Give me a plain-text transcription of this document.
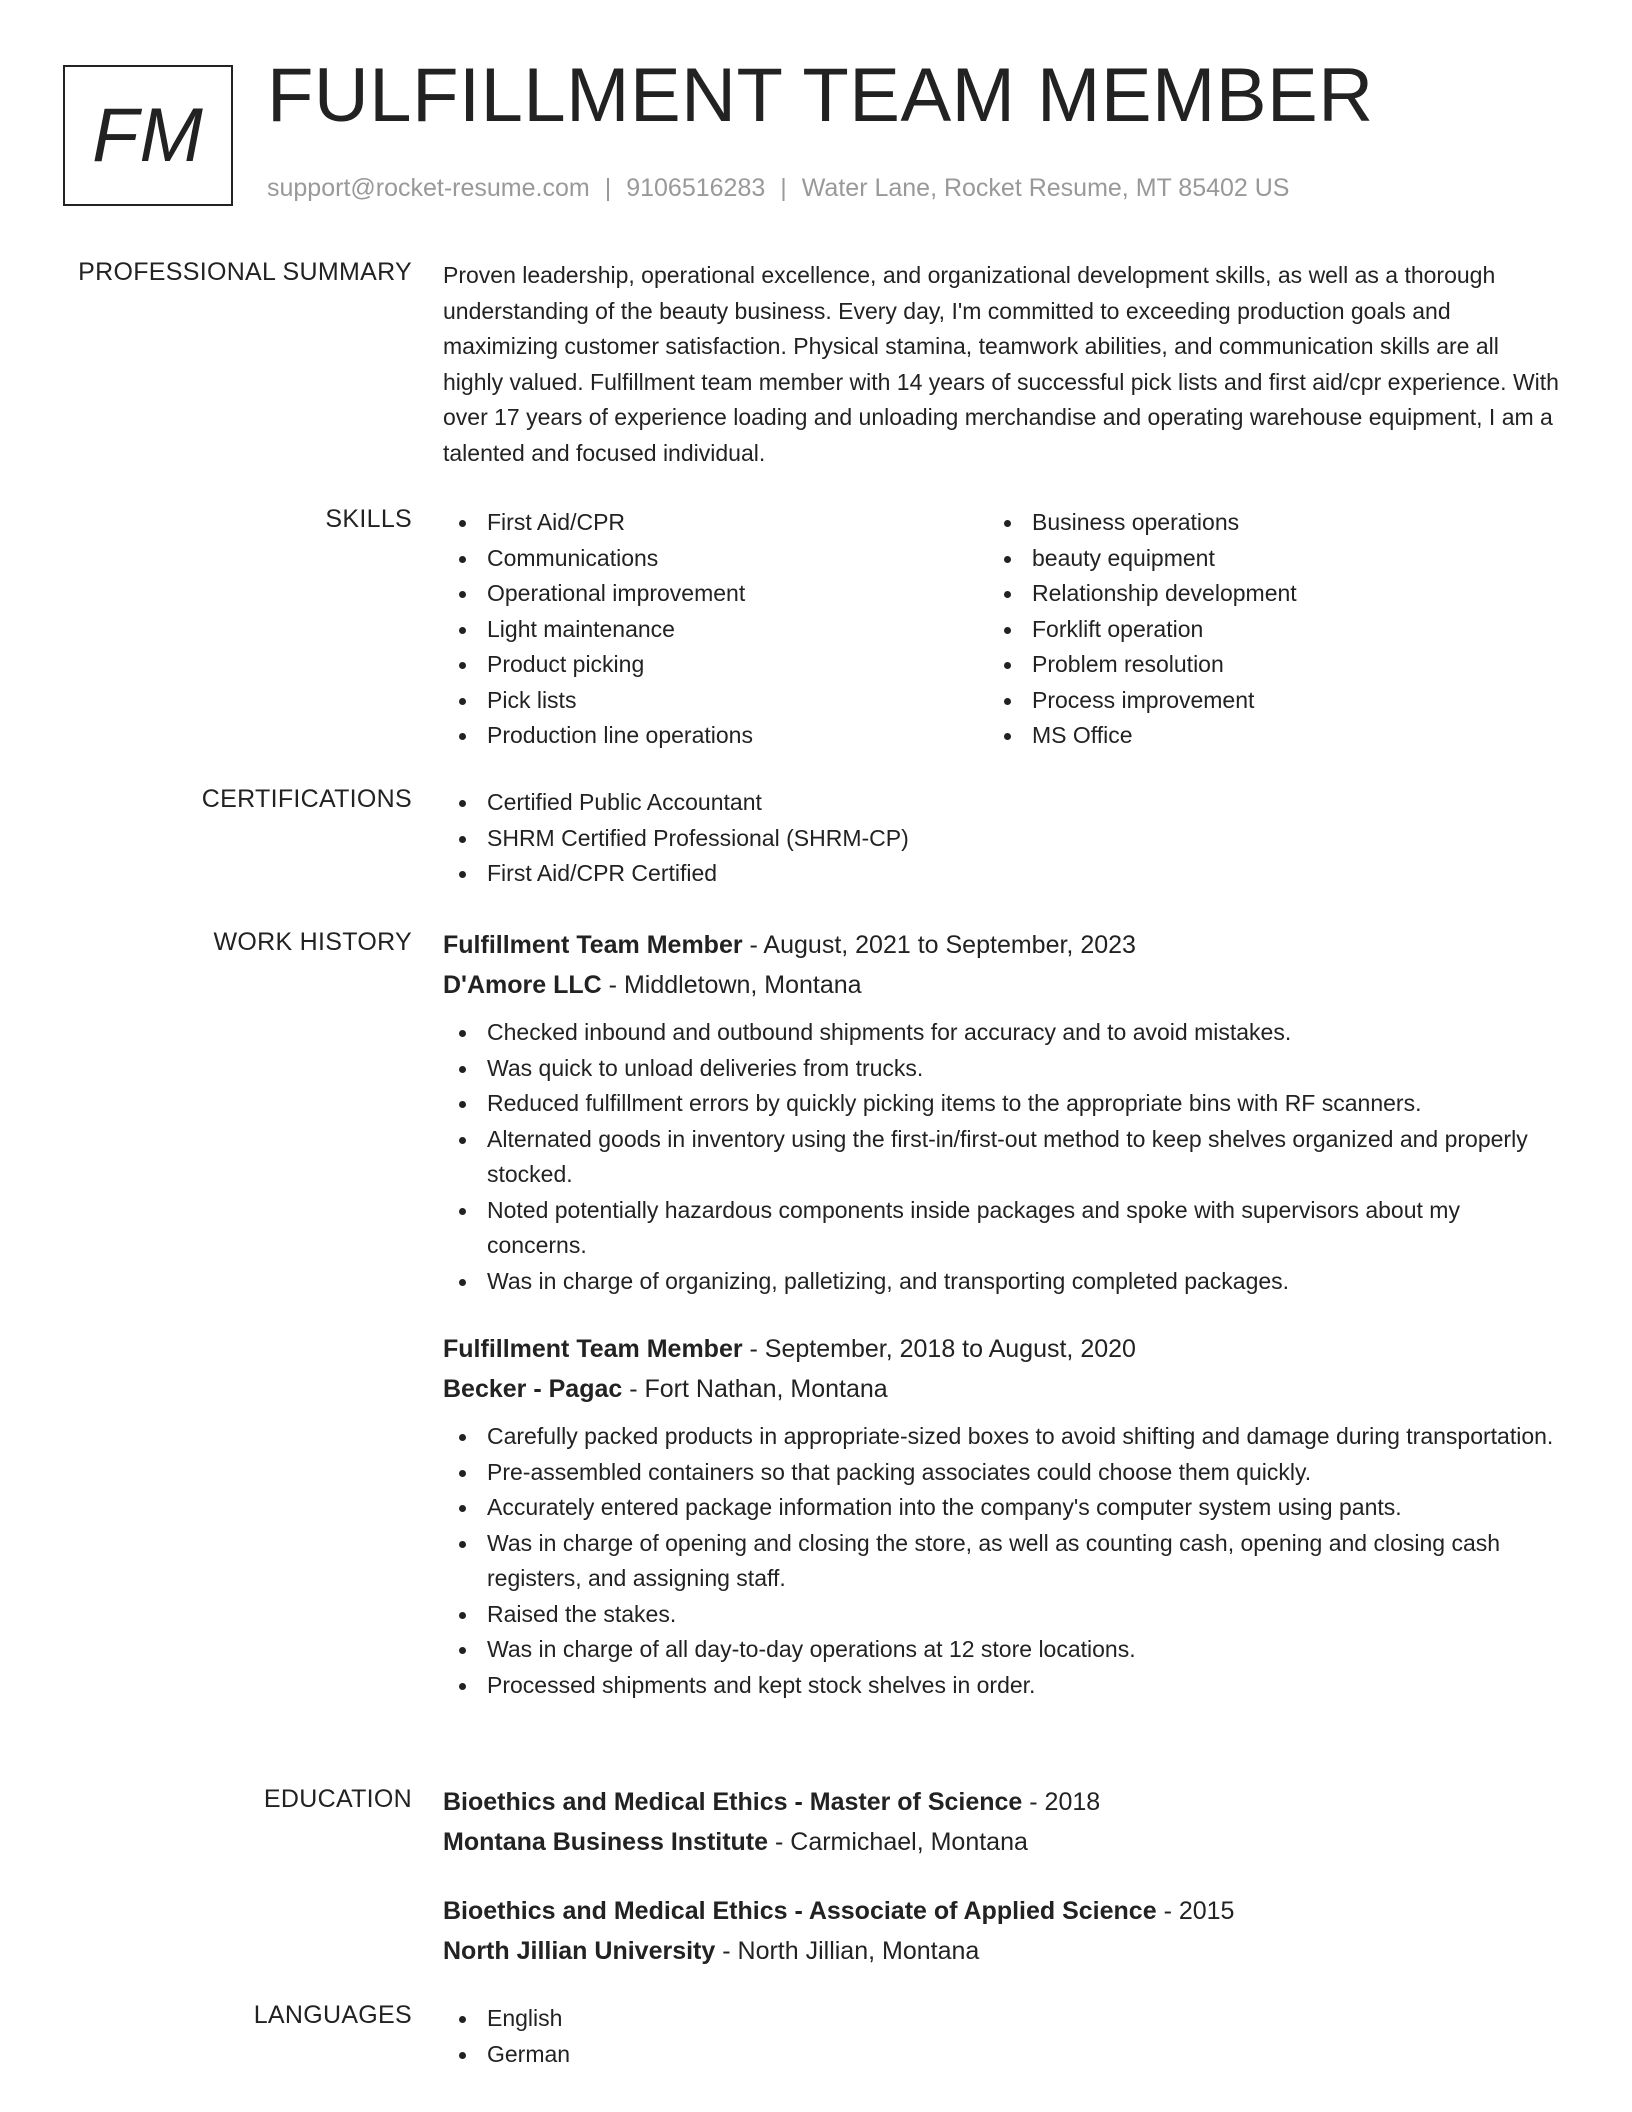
FM FULFILLMENT TEAM MEMBER
support@rocket-resume.com | 9106516283 | Water Lane, Rocket Resume, MT 85402 US
PROFESSIONAL SUMMARY Proven leadership, operational excellence, and organizational development skills, as well as a thorough understanding of the beauty business. Every day, I'm committed to exceeding production goals and maximizing customer satisfaction. Physical stamina, teamwork abilities, and communication skills are all highly valued. Fulfillment team member with 14 years of successful pick lists and first aid/cpr experience. With over 17 years of experience loading and unloading merchandise and operating warehouse equipment, I am a talented and focused individual.

SKILLS	First Aid/CPR
Communications
Operational improvement
Light maintenance
Product picking
Pick lists
Production line operations
Business operations
beauty equipment
Relationship development
Forklift operation
Problem resolution
Process improvement
MS Office
CERTIFICATIONS	Certified Public Accountant
SHRM Certified Professional (SHRM-CP)
First Aid/CPR Certified
WORK HISTORY Fulfillment Team Member - August, 2021 to September, 2023
D'Amore LLC - Middletown, Montana
Checked inbound and outbound shipments for accuracy and to avoid mistakes.
Was quick to unload deliveries from trucks.
Reduced fulfillment errors by quickly picking items to the appropriate bins with RF scanners.
Alternated goods in inventory using the first-in/first-out method to keep shelves organized and properly stocked.
Noted potentially hazardous components inside packages and spoke with supervisors about my concerns.
Was in charge of organizing, palletizing, and transporting completed packages.
Fulfillment Team Member - September, 2018 to August, 2020
Becker - Pagac - Fort Nathan, Montana
Carefully packed products in appropriate-sized boxes to avoid shifting and damage during transportation.
Pre-assembled containers so that packing associates could choose them quickly.
Accurately entered package information into the company's computer system using pants.
Was in charge of opening and closing the store, as well as counting cash, opening and closing cash registers, and assigning staff.
Raised the stakes.
Was in charge of all day-to-day operations at 12 store locations.
Processed shipments and kept stock shelves in order.
EDUCATION Bioethics and Medical Ethics - Master of Science - 2018
Montana Business Institute - Carmichael, Montana
Bioethics and Medical Ethics - Associate of Applied Science - 2015
North Jillian University - North Jillian, Montana
LANGUAGES	English
German
